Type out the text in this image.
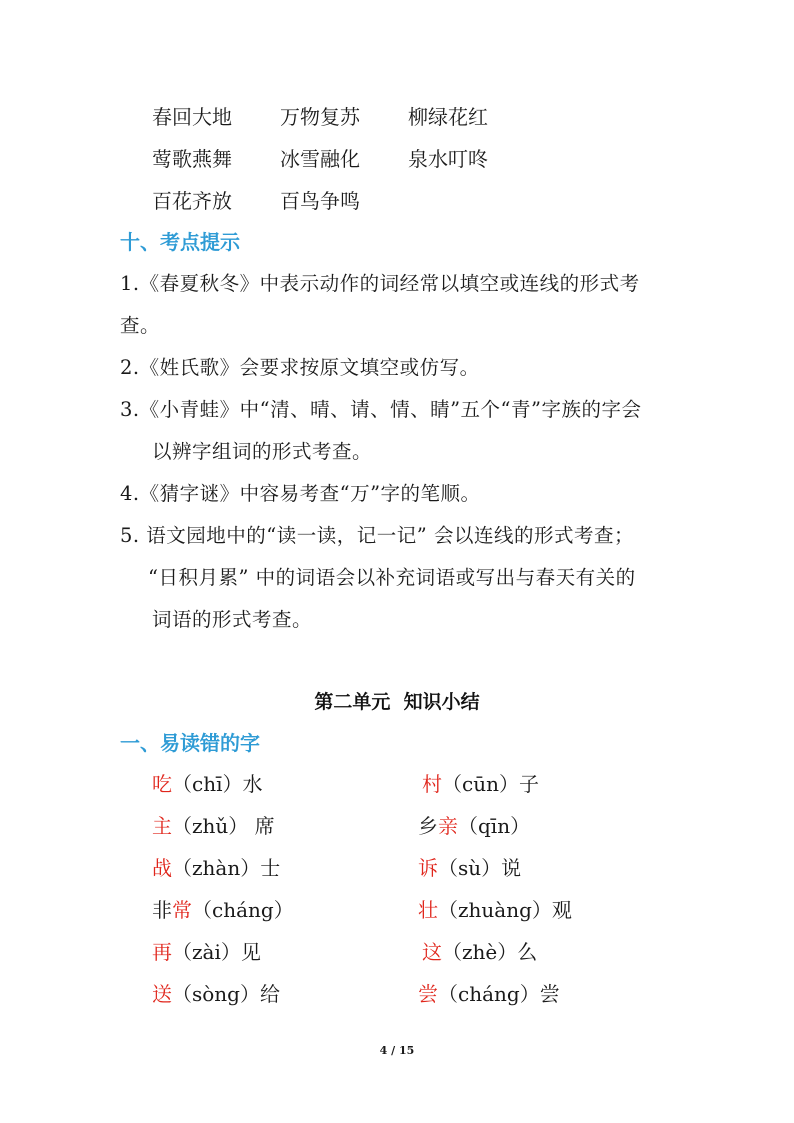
春回大地 万物复苏 柳绿花红
莺歌燕舞 冰雪融化 泉水叮咚
百花齐放 百鸟争鸣
十、考点提示
1.《春夏秋冬》中表示动作的词经常以填空或连线的形式考
查。
2.《姓氏歌》会要求按原文填空或仿写。
3.《小青蛙》中“清、晴、请、情、睛”五个“青”字族的字会
以辨字组词的形式考查。
4.《猜字谜》中容易考查“万”字的笔顺。
5. 语文园地中的“读一读，记一记” 会以连线的形式考查；
“日积月累” 中的词语会以补充词语或写出与春天有关的
词语的形式考查。
第二单元  知识小结
一、易读错的字
吃（chī）水
主（zhǔ） 席
战（zhàn）士
非常（cháng）
再（zài）见
送（sòng）给
村（cūn）子
乡亲（qīn）
诉（sù）说
壮（zhuàng）观
这（zhè）么
尝（cháng）尝
4 / 15
